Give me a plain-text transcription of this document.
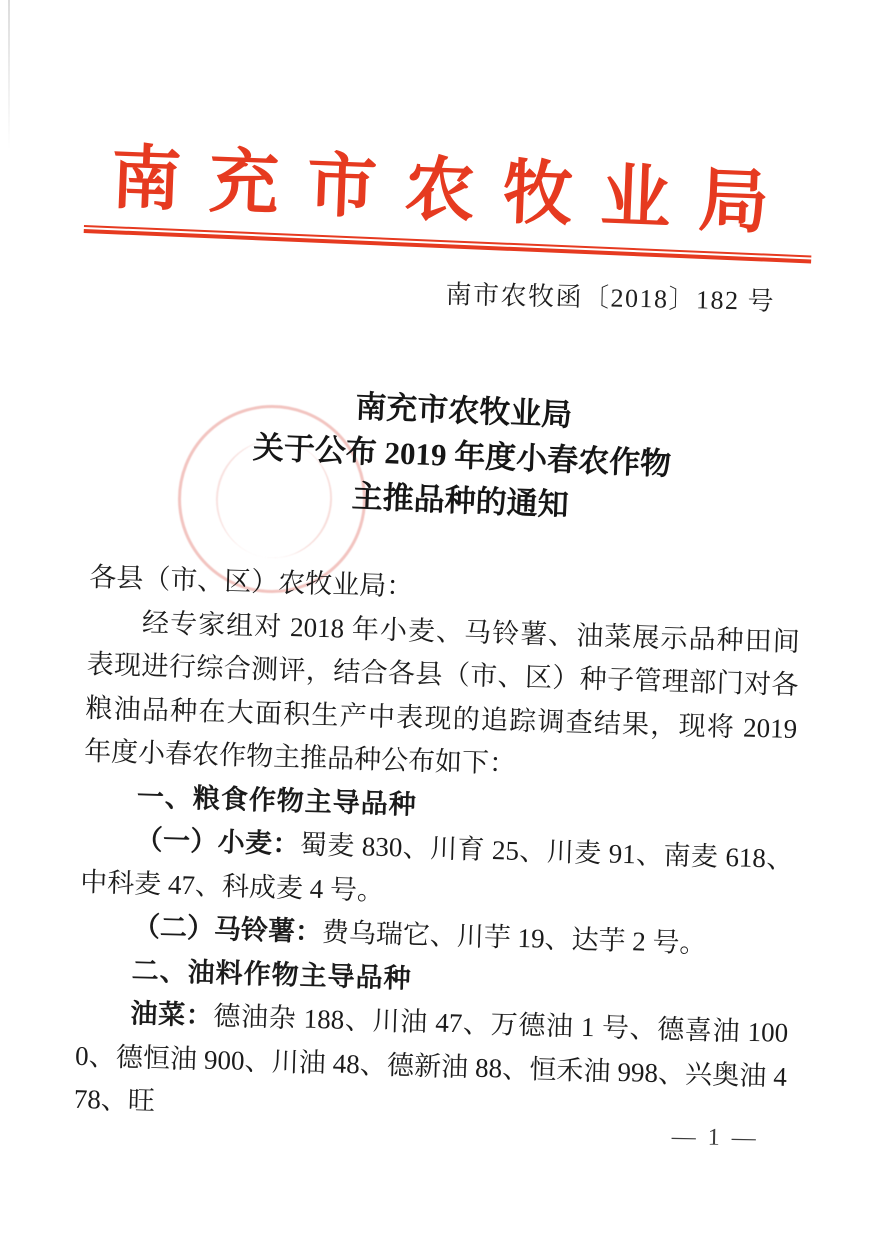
南充市农牧业局
南市农牧函〔2018〕182 号
南充市农牧业局
关于公布 2019 年度小春农作物
主推品种的通知

各县（市、区）农牧业局：

经专家组对 2018 年小麦、马铃薯、油菜展示品种田间表现进行综合测评，结合各县（市、区）种子管理部门对各粮油品种在大面积生产中表现的追踪调查结果，现将 2019 年度小春农作物主推品种公布如下：

一、粮食作物主导品种

（一）小麦：蜀麦 830、川育 25、川麦 91、南麦 618、中科麦 47、科成麦 4 号。

（二）马铃薯：费乌瑞它、川芋 19、达芋 2 号。

二、油料作物主导品种

油菜：德油杂 188、川油 47、万德油 1 号、德喜油 1000、德恒油 900、川油 48、德新油 88、恒禾油 998、兴奥油 478、旺

— 1 —
